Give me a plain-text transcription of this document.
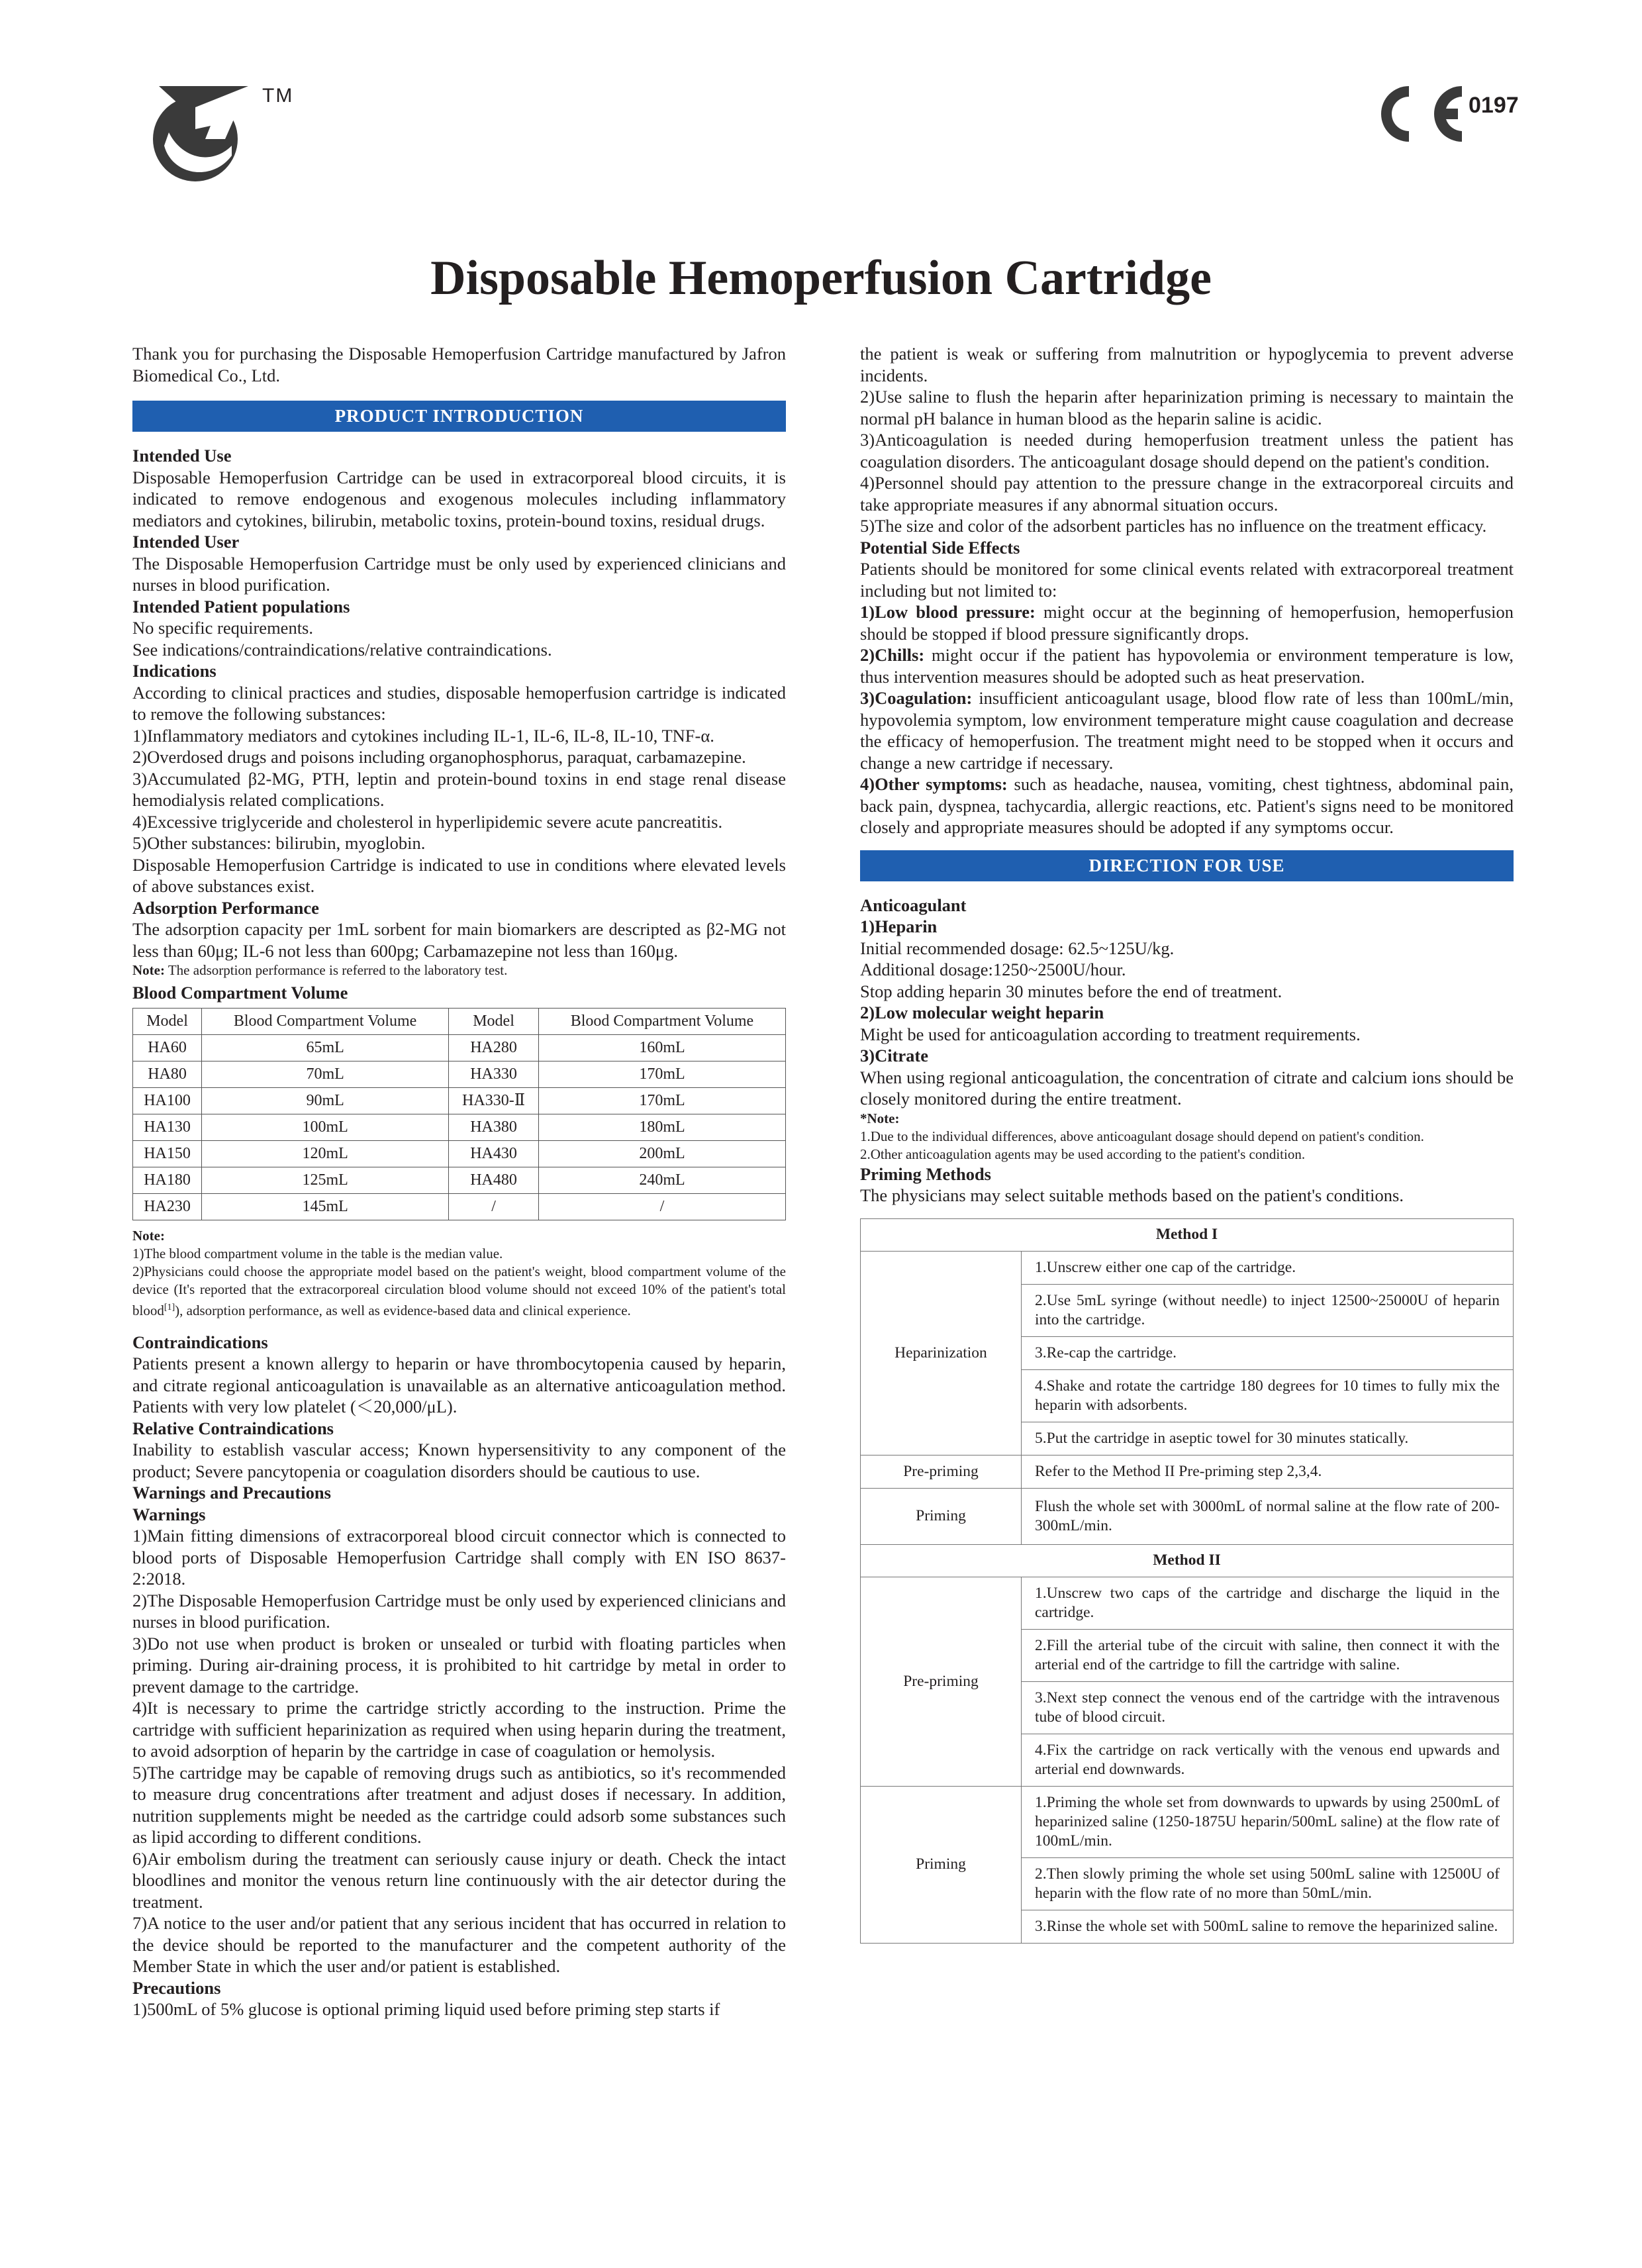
TM	0197
Disposable Hemoperfusion Cartridge

Thank you for purchasing the Disposable Hemoperfusion Cartridge manufactured by Jafron Biomedical Co., Ltd.

PRODUCT INTRODUCTION

Intended Use

Disposable Hemoperfusion Cartridge can be used in extracorporeal blood circuits, it is indicated to remove endogenous and exogenous molecules including inflammatory mediators and cytokines, bilirubin, metabolic toxins, protein-bound toxins, residual drugs.

Intended User

The Disposable Hemoperfusion Cartridge must be only used by experienced clinicians and nurses in blood purification.

Intended Patient populations

No specific requirements.

See indications/contraindications/relative contraindications.

Indications

According to clinical practices and studies, disposable hemoperfusion cartridge is indicated to remove the following substances:

1)Inflammatory mediators and cytokines including IL-1, IL-6, IL-8, IL-10, TNF-α.

2)Overdosed drugs and poisons including organophosphorus, paraquat, carbamazepine.

3)Accumulated β2-MG, PTH, leptin and protein-bound toxins in end stage renal disease hemodialysis related complications.

4)Excessive triglyceride and cholesterol in hyperlipidemic severe acute pancreatitis.

5)Other substances: bilirubin, myoglobin.

Disposable Hemoperfusion Cartridge is indicated to use in conditions where elevated levels of above substances exist.

Adsorption Performance

The adsorption capacity per 1mL sorbent for main biomarkers are descripted as β2-MG not less than 60μg; IL-6 not less than 600pg; Carbamazepine not less than 160μg.

Note: The adsorption performance is referred to the laboratory test.

Blood Compartment Volume

Model	Blood Compartment Volume	Model	Blood Compartment Volume
HA60	65mL	HA280	160mL
HA80	70mL	HA330	170mL
HA100	90mL	HA330-Ⅱ	170mL
HA130	100mL	HA380	180mL
HA150	120mL	HA430	200mL
HA180	125mL	HA480	240mL
HA230	145mL	/	/

Note:

1)The blood compartment volume in the table is the median value.

2)Physicians could choose the appropriate model based on the patient's weight, blood compartment volume of the device (It's reported that the extracorporeal circulation blood volume should not exceed 10% of the patient's total blood[1]), adsorption performance, as well as evidence-based data and clinical experience.

Contraindications

Patients present a known allergy to heparin or have thrombocytopenia caused by heparin, and citrate regional anticoagulation is unavailable as an alternative anticoagulation method. Patients with very low platelet (＜20,000/μL).

Relative Contraindications

Inability to establish vascular access; Known hypersensitivity to any component of the product; Severe pancytopenia or coagulation disorders should be cautious to use.

Warnings and Precautions

Warnings

1)Main fitting dimensions of extracorporeal blood circuit connector which is connected to blood ports of Disposable Hemoperfusion Cartridge shall comply with EN ISO 8637-2:2018.

2)The Disposable Hemoperfusion Cartridge must be only used by experienced clinicians and nurses in blood purification.

3)Do not use when product is broken or unsealed or turbid with floating particles when priming. During air-draining process, it is prohibited to hit cartridge by metal in order to prevent damage to the cartridge.

4)It is necessary to prime the cartridge strictly according to the instruction. Prime the cartridge with sufficient heparinization as required when using heparin during the treatment, to avoid adsorption of heparin by the cartridge in case of coagulation or hemolysis.

5)The cartridge may be capable of removing drugs such as antibiotics, so it's recommended to measure drug concentrations after treatment and adjust doses if necessary. In addition, nutrition supplements might be needed as the cartridge could adsorb some substances such as lipid according to different conditions.

6)Air embolism during the treatment can seriously cause injury or death. Check the intact bloodlines and monitor the venous return line continuously with the air detector during the treatment.

7)A notice to the user and/or patient that any serious incident that has occurred in relation to the device should be reported to the manufacturer and the competent authority of the Member State in which the user and/or patient is established.

Precautions

1)500mL of 5% glucose is optional priming liquid used before priming step starts if

the patient is weak or suffering from malnutrition or hypoglycemia to prevent adverse incidents.

2)Use saline to flush the heparin after heparinization priming is necessary to maintain the normal pH balance in human blood as the heparin saline is acidic.

3)Anticoagulation is needed during hemoperfusion treatment unless the patient has coagulation disorders. The anticoagulant dosage should depend on the patient's condition.

4)Personnel should pay attention to the pressure change in the extracorporeal circuits and take appropriate measures if any abnormal situation occurs.

5)The size and color of the adsorbent particles has no influence on the treatment efficacy.

Potential Side Effects

Patients should be monitored for some clinical events related with extracorporeal treatment including but not limited to:

1)Low blood pressure: might occur at the beginning of hemoperfusion, hemoperfusion should be stopped if blood pressure significantly drops.

2)Chills: might occur if the patient has hypovolemia or environment temperature is low, thus intervention measures should be adopted such as heat preservation.

3)Coagulation: insufficient anticoagulant usage, blood flow rate of less than 100mL/min, hypovolemia symptom, low environment temperature might cause coagulation and decrease the efficacy of hemoperfusion. The treatment might need to be stopped when it occurs and change a new cartridge if necessary.

4)Other symptoms: such as headache, nausea, vomiting, chest tightness, abdominal pain, back pain, dyspnea, tachycardia, allergic reactions, etc. Patient's signs need to be monitored closely and appropriate measures should be adopted if any symptoms occur.

DIRECTION FOR USE

Anticoagulant

1)Heparin

Initial recommended dosage: 62.5~125U/kg.

Additional dosage:1250~2500U/hour.

Stop adding heparin 30 minutes before the end of treatment.

2)Low molecular weight heparin

Might be used for anticoagulation according to treatment requirements.

3)Citrate

When using regional anticoagulation, the concentration of citrate and calcium ions should be closely monitored during the entire treatment.

*Note:

1.Due to the individual differences, above anticoagulant dosage should depend on patient's condition.

2.Other anticoagulation agents may be used according to the patient's condition.

Priming Methods

The physicians may select suitable methods based on the patient's conditions.

Method I	
Heparinization	1.Unscrew either one cap of the cartridge.
	2.Use 5mL syringe (without needle) to inject 12500~25000U of heparin into the cartridge.
	3.Re-cap the cartridge.
	4.Shake and rotate the cartridge 180 degrees for 10 times to fully mix the heparin with adsorbents.
	5.Put the cartridge in aseptic towel for 30 minutes statically.
Pre-priming	Refer to the Method II Pre-priming step 2,3,4.
Priming	Flush the whole set with 3000mL of normal saline at the flow rate of 200-300mL/min.
Method II	
Pre-priming	1.Unscrew two caps of the cartridge and discharge the liquid in the cartridge.
	2.Fill the arterial tube of the circuit with saline, then connect it with the arterial end of the cartridge to fill the cartridge with saline.
	3.Next step connect the venous end of the cartridge with the intravenous tube of blood circuit.
	4.Fix the cartridge on rack vertically with the venous end upwards and arterial end downwards.
Priming	1.Priming the whole set from downwards to upwards by using 2500mL of heparinized saline (1250-1875U heparin/500mL saline) at the flow rate of 100mL/min.
	2.Then slowly priming the whole set using 500mL saline with 12500U of heparin with the flow rate of no more than 50mL/min.
	3.Rinse the whole set with 500mL saline to remove the heparinized saline.
